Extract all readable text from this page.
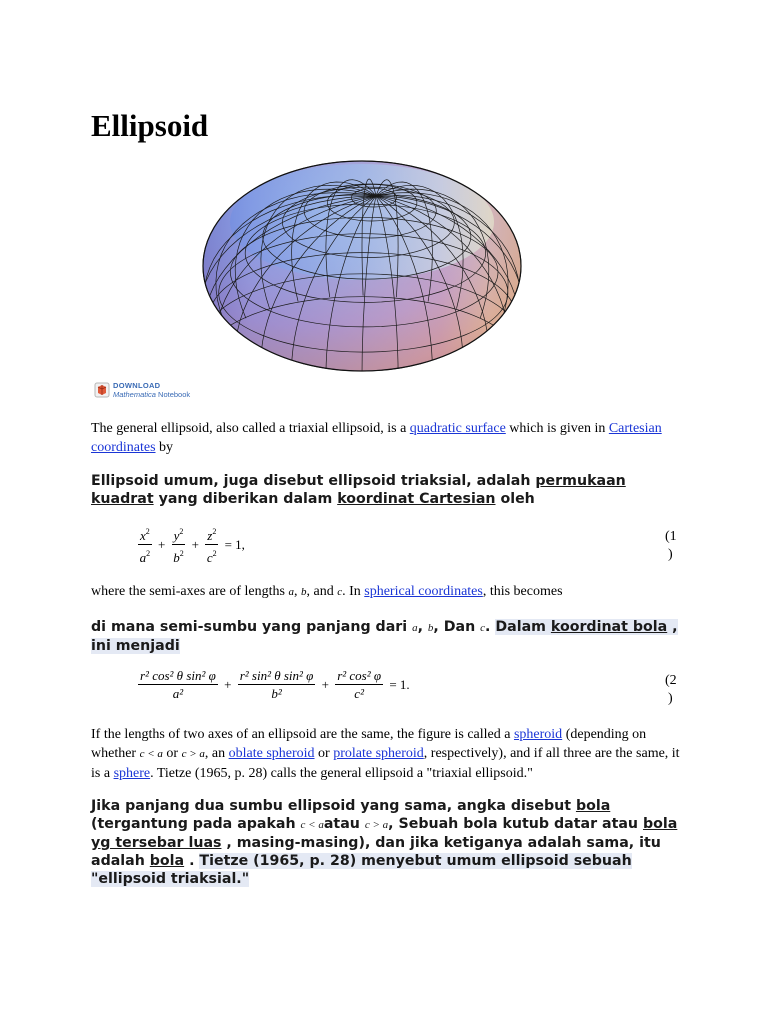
Ellipsoid
DOWNLOAD
Mathematica Notebook

The general ellipsoid, also called a triaxial ellipsoid, is a quadratic surface which is given in Cartesian coordinates by

Ellipsoid umum, juga disebut ellipsoid triaksial, adalah permukaan kuadrat yang diberikan dalam koordinat Cartesian oleh

$\frac{x^2}{a^2} + \frac{y^2}{b^2} + \frac{z^2}{c^2} = 1$,	(1
)

where the semi-axes are of lengths a, b, and c. In spherical coordinates, this becomes

di mana semi-sumbu yang panjang dari a, b, Dan c. Dalam koordinat bola , ini menjadi

$\frac{\text{r² cos² θ sin² φ}}{\text{a²}} + \frac{\text{r² sin² θ sin² φ}}{\text{b²}} + \frac{\text{r² cos² φ}}{\text{c²}} = 1$.	(2
)

If the lengths of two axes of an ellipsoid are the same, the figure is called a spheroid (depending on whether c < a or c > a, an oblate spheroid or prolate spheroid, respectively), and if all three are the same, it is a sphere. Tietze (1965, p. 28) calls the general ellipsoid a "triaxial ellipsoid."

Jika panjang dua sumbu ellipsoid yang sama, angka disebut bola (tergantung pada apakah c < aatau c > a, Sebuah bola kutub datar atau bola yg tersebar luas , masing-masing), dan jika ketiganya adalah sama, itu adalah bola . Tietze (1965, p. 28) menyebut umum ellipsoid sebuah "ellipsoid triaksial."
